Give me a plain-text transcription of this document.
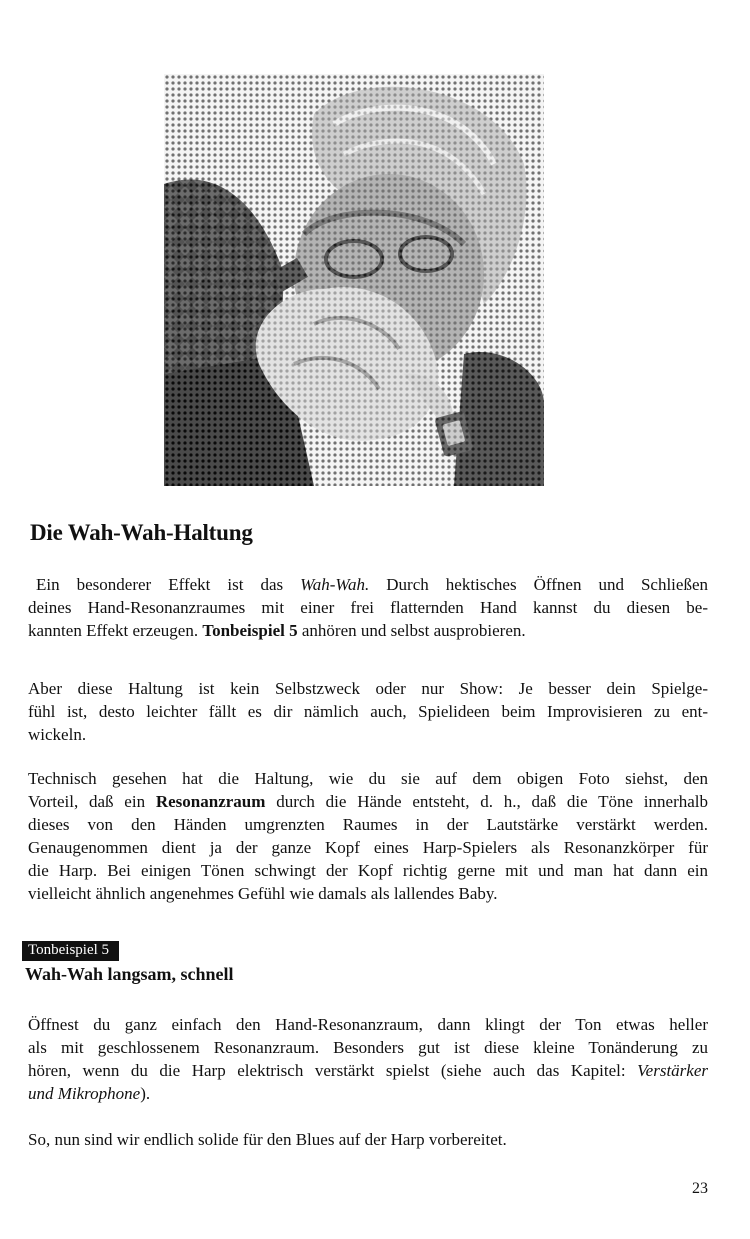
Die Wah-Wah-Haltung

Ein besonderer Effekt ist das Wah-Wah. Durch hektisches Öffnen und Schließen
deines Hand-Resonanzraumes mit einer frei flatternden Hand kannst du diesen be-
kannten Effekt erzeugen. Tonbeispiel 5 anhören und selbst ausprobieren.

Aber diese Haltung ist kein Selbstzweck oder nur Show: Je besser dein Spielge-
fühl ist, desto leichter fällt es dir nämlich auch, Spielideen beim Improvisieren zu ent-
wickeln.

Technisch gesehen hat die Haltung, wie du sie auf dem obigen Foto siehst, den
Vorteil, daß ein Resonanzraum durch die Hände entsteht, d. h., daß die Töne innerhalb
dieses von den Händen umgrenzten Raumes in der Lautstärke verstärkt werden.
Genaugenommen dient ja der ganze Kopf eines Harp-Spielers als Resonanzkörper für
die Harp. Bei einigen Tönen schwingt der Kopf richtig gerne mit und man hat dann ein
vielleicht ähnlich angenehmes Gefühl wie damals als lallendes Baby.

Tonbeispiel 5
Wah-Wah langsam, schnell

Öffnest du ganz einfach den Hand-Resonanzraum, dann klingt der Ton etwas heller
als mit geschlossenem Resonanzraum. Besonders gut ist diese kleine Tonänderung zu
hören, wenn du die Harp elektrisch verstärkt spielst (siehe auch das Kapitel: Verstärker
und Mikrophone).

So, nun sind wir endlich solide für den Blues auf der Harp vorbereitet.

23
